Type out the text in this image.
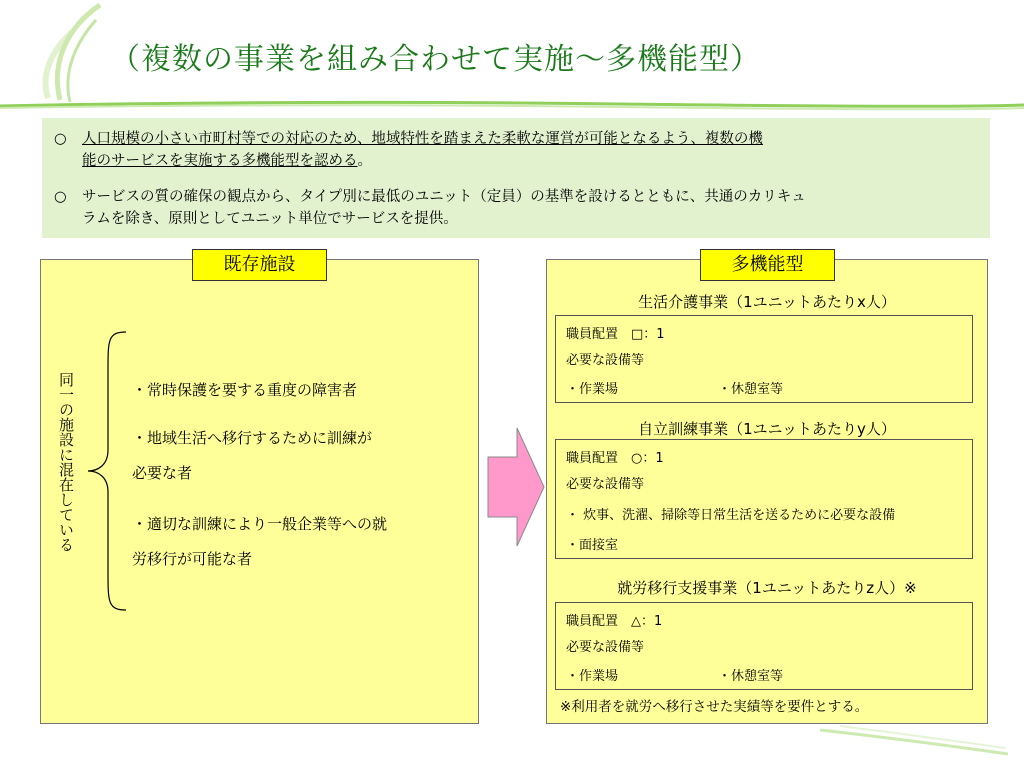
（複数の事業を組み合わせて実施～多機能型）
○ 人口規模の小さい市町村等での対応のため、地域特性を踏まえた柔軟な運営が可能となるよう、複数の機
能のサービスを実施する多機能型を認める。
○ サービスの質の確保の観点から、タイプ別に最低のユニット（定員）の基準を設けるとともに、共通のカリキュ
ラムを除き、原則としてユニット単位でサービスを提供。
既存施設
同一の施設に混在している	・常時保護を要する重度の障害者
・地域生活へ移行するために訓練が
必要な者
・適切な訓練により一般企業等への就
労移行が可能な者
生活介護事業（1ユニットあたりx人）
自立訓練事業（1ユニットあたりy人）
就労移行支援事業（1ユニットあたりz人）※
多機能型
職員配置　□：1
必要な設備等
・作業場	・休憩室等
職員配置　○：1
必要な設備等
・ 炊事、洗濯、掃除等日常生活を送るために必要な設備
・面接室
職員配置　△：1
必要な設備等
・作業場	・休憩室等
※利用者を就労へ移行させた実績等を要件とする。
